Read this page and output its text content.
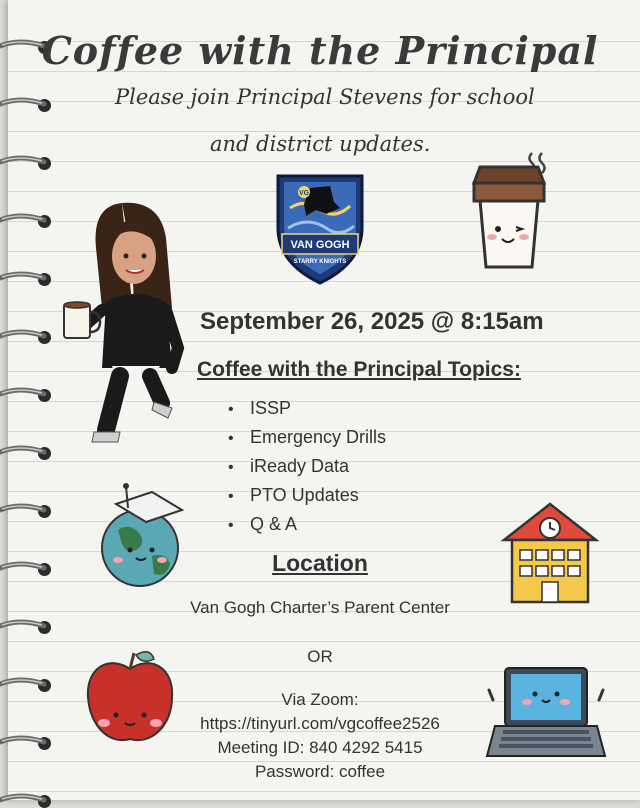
Coffee with the Principal
Please join Principal Stevens for school
and district updates.
VAN GOGH
STARRY KNIGHTS
VG
September 26, 2025 @ 8:15am
Coffee with the Principal Topics:
• ISSP
• Emergency Drills
• iReady Data
• PTO Updates
• Q & A
Location
Van Gogh Charter’s Parent Center
OR
Via Zoom:
https://tinyurl.com/vgcoffee2526
Meeting ID: 840 4292 5415
Password: coffee
